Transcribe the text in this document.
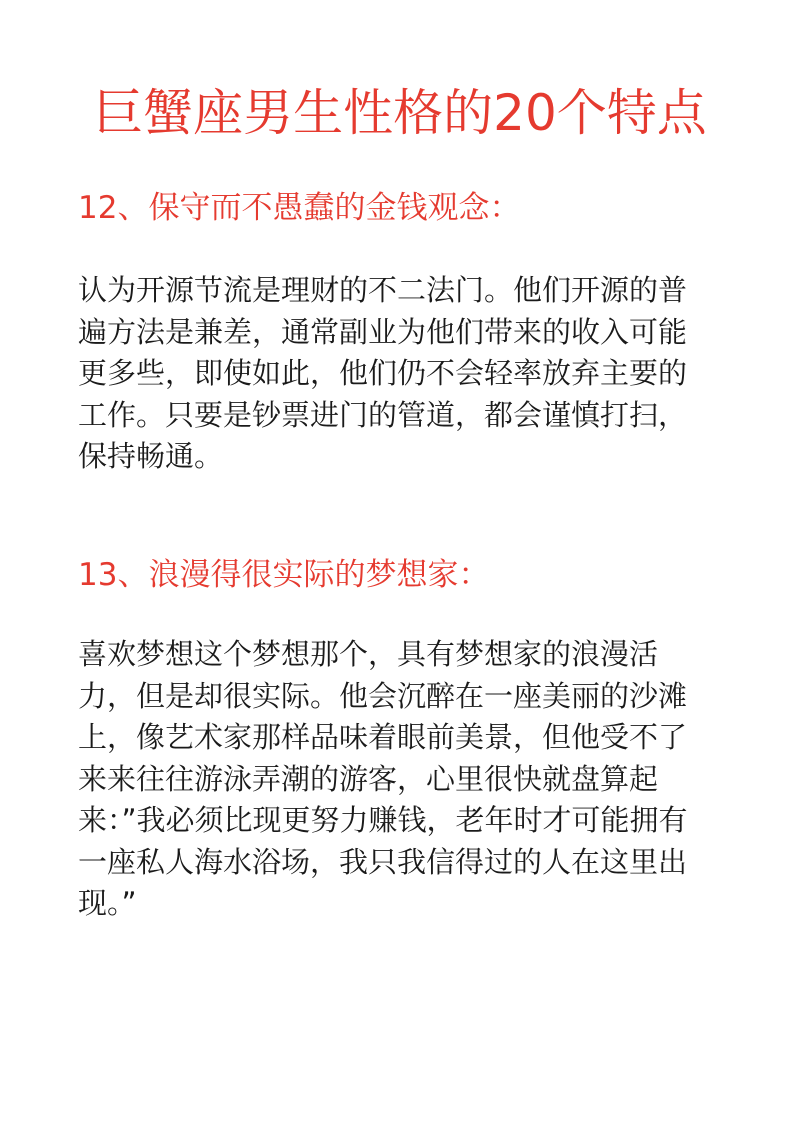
巨蟹座男生性格的20个特点
12、保守而不愚蠢的金钱观念：
认为开源节流是理财的不二法门。他们开源的普
遍方法是兼差，通常副业为他们带来的收入可能
更多些，即使如此，他们仍不会轻率放弃主要的
工作。只要是钞票进门的管道，都会谨慎打扫，
保持畅通。
13、浪漫得很实际的梦想家：
喜欢梦想这个梦想那个，具有梦想家的浪漫活
力，但是却很实际。他会沉醉在一座美丽的沙滩
上，像艺术家那样品味着眼前美景，但他受不了
来来往往游泳弄潮的游客，心里很快就盘算起
来：”我必须比现更努力赚钱，老年时才可能拥有
一座私人海水浴场，我只我信得过的人在这里出
现。”
